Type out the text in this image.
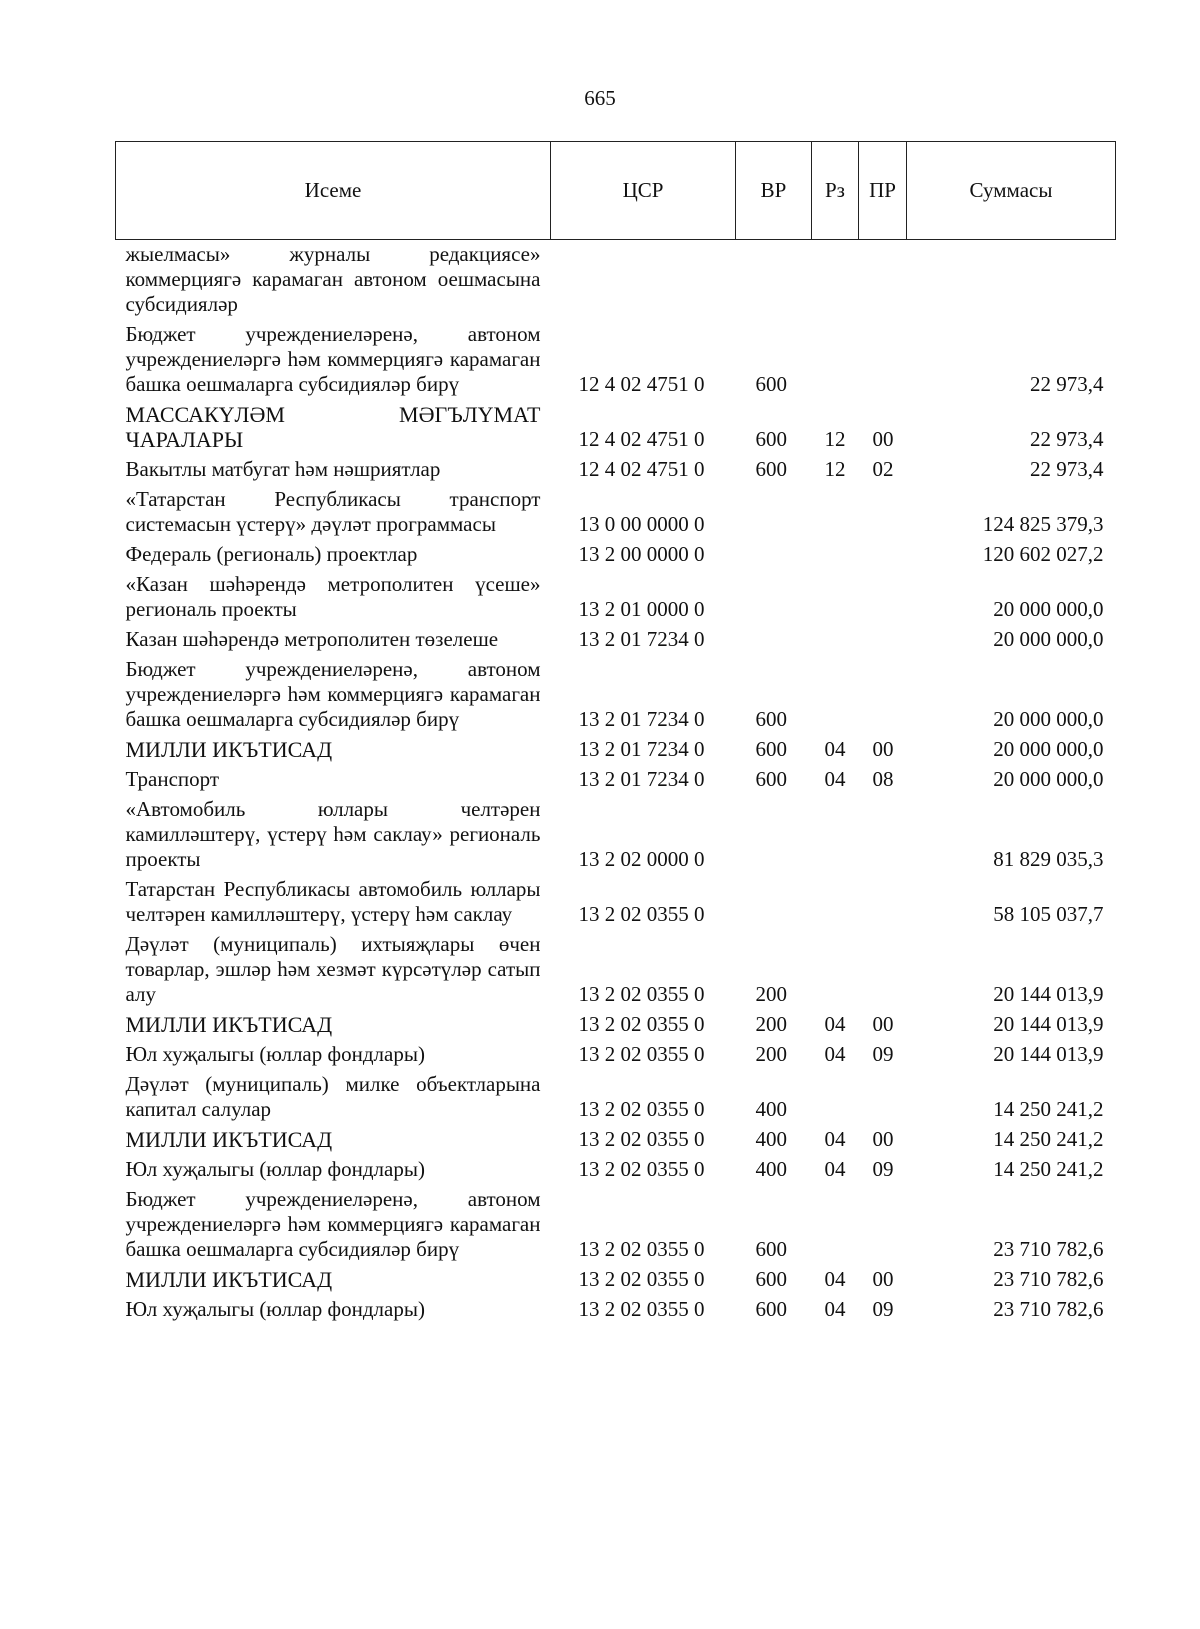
665
Исеме	ЦСР	ВР	Рз	ПР	Суммасы
жыелмасы» журналы редакциясе» коммерциягә карамаган автоном оешмасына субсидияләр					
Бюджет учреждениеләренә, автоном учреждениеләргә һәм коммерциягә карамаган башка оешмаларга субсидияләр бирү	12 4 02 4751 0	600			22 973,4
МАССАКҮЛӘМ МӘГЪЛҮМАТ ЧАРАЛАРЫ	12 4 02 4751 0	600	12	00	22 973,4
Вакытлы матбугат һәм нәшриятлар	12 4 02 4751 0	600	12	02	22 973,4
«Татарстан Республикасы транспорт системасын үстерү» дәүләт программасы	13 0 00 0000 0				124 825 379,3
Федераль (региональ) проектлар	13 2 00 0000 0				120 602 027,2
«Казан шәһәрендә метрополитен үсеше» региональ проекты	13 2 01 0000 0				20 000 000,0
Казан шәһәрендә метрополитен төзелеше	13 2 01 7234 0				20 000 000,0
Бюджет учреждениеләренә, автоном учреждениеләргә һәм коммерциягә карамаган башка оешмаларга субсидияләр бирү	13 2 01 7234 0	600			20 000 000,0
МИЛЛИ ИКЪТИСАД	13 2 01 7234 0	600	04	00	20 000 000,0
Транспорт	13 2 01 7234 0	600	04	08	20 000 000,0
«Автомобиль юллары челтәрен камилләштерү, үстерү һәм саклау» региональ проекты	13 2 02 0000 0				81 829 035,3
Татарстан Республикасы автомобиль юллары челтәрен камилләштерү, үстерү һәм саклау	13 2 02 0355 0				58 105 037,7
Дәүләт (муниципаль) ихтыяҗлары өчен товарлар, эшләр һәм хезмәт күрсәтүләр сатып алу	13 2 02 0355 0	200			20 144 013,9
МИЛЛИ ИКЪТИСАД	13 2 02 0355 0	200	04	00	20 144 013,9
Юл хуҗалыгы (юллар фондлары)	13 2 02 0355 0	200	04	09	20 144 013,9
Дәүләт (муниципаль) милке объектларына капитал салулар	13 2 02 0355 0	400			14 250 241,2
МИЛЛИ ИКЪТИСАД	13 2 02 0355 0	400	04	00	14 250 241,2
Юл хуҗалыгы (юллар фондлары)	13 2 02 0355 0	400	04	09	14 250 241,2
Бюджет учреждениеләренә, автоном учреждениеләргә һәм коммерциягә карамаган башка оешмаларга субсидияләр бирү	13 2 02 0355 0	600			23 710 782,6
МИЛЛИ ИКЪТИСАД	13 2 02 0355 0	600	04	00	23 710 782,6
Юл хуҗалыгы (юллар фондлары)	13 2 02 0355 0	600	04	09	23 710 782,6
